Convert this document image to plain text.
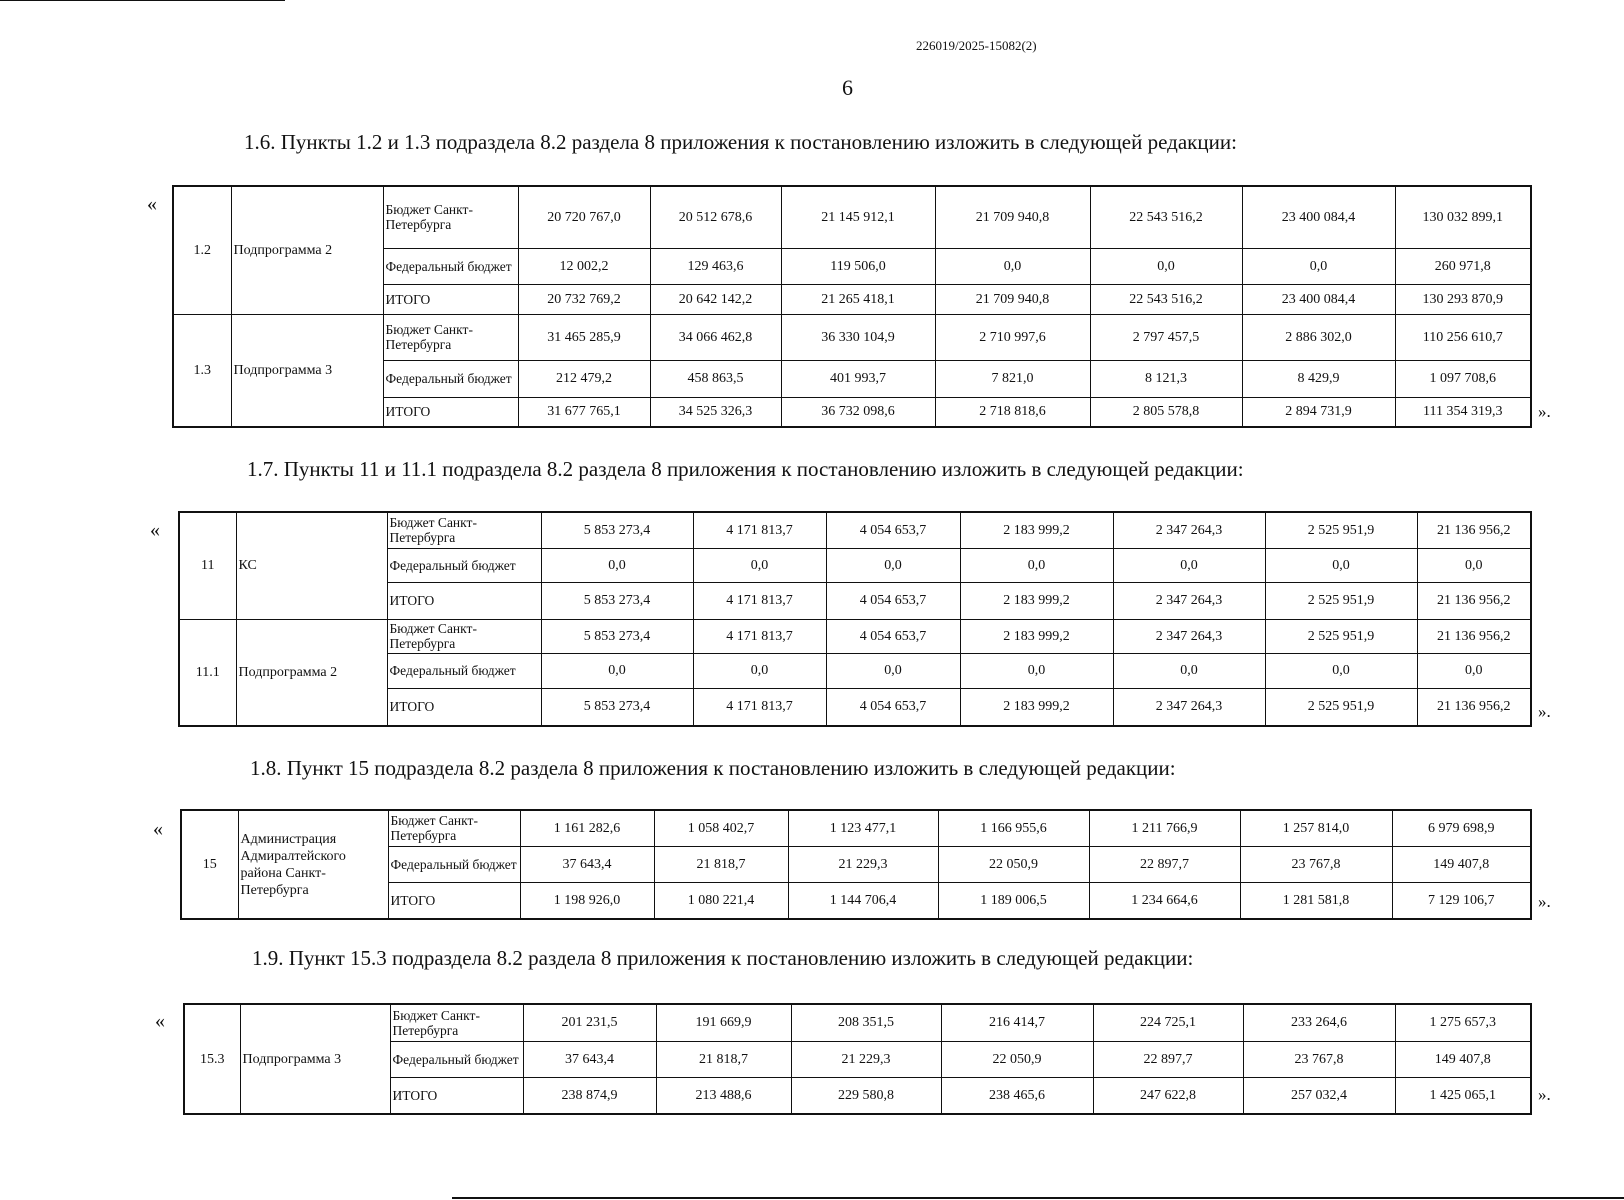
226019/2025-15082(2)
6
1.6. Пункты 1.2 и 1.3 подраздела 8.2 раздела 8 приложения к постановлению изложить в следующей редакции:
«
1.2	Подпрограмма 2	Бюджет Санкт-Петербурга	20 720 767,0	20 512 678,6	21 145 912,1	21 709 940,8	22 543 516,2	23 400 084,4	130 032 899,1
		Федеральный бюджет	12 002,2	129 463,6	119 506,0	0,0	0,0	0,0	260 971,8
		ИТОГО	20 732 769,2	20 642 142,2	21 265 418,1	21 709 940,8	22 543 516,2	23 400 084,4	130 293 870,9
1.3	Подпрограмма 3	Бюджет Санкт-Петербурга	31 465 285,9	34 066 462,8	36 330 104,9	2 710 997,6	2 797 457,5	2 886 302,0	110 256 610,7
		Федеральный бюджет	212 479,2	458 863,5	401 993,7	7 821,0	8 121,3	8 429,9	1 097 708,6
		ИТОГО	31 677 765,1	34 525 326,3	36 732 098,6	2 718 818,6	2 805 578,8	2 894 731,9	111 354 319,3 ».
1.7. Пункты 11 и 11.1 подраздела 8.2 раздела 8 приложения к постановлению изложить в следующей редакции:
«
11	КС	Бюджет Санкт-Петербурга	5 853 273,4	4 171 813,7	4 054 653,7	2 183 999,2	2 347 264,3	2 525 951,9	21 136 956,2
		Федеральный бюджет	0,0	0,0	0,0	0,0	0,0	0,0	0,0
		ИТОГО	5 853 273,4	4 171 813,7	4 054 653,7	2 183 999,2	2 347 264,3	2 525 951,9	21 136 956,2
11.1	Подпрограмма 2	Бюджет Санкт-Петербурга	5 853 273,4	4 171 813,7	4 054 653,7	2 183 999,2	2 347 264,3	2 525 951,9	21 136 956,2
		Федеральный бюджет	0,0	0,0	0,0	0,0	0,0	0,0	0,0
		ИТОГО	5 853 273,4	4 171 813,7	4 054 653,7	2 183 999,2	2 347 264,3	2 525 951,9	21 136 956,2 ».
1.8. Пункт 15 подраздела 8.2 раздела 8 приложения к постановлению изложить в следующей редакции:
«
15	Администрация Адмиралтейского района Санкт-Петербурга	Бюджет Санкт-Петербурга	1 161 282,6	1 058 402,7	1 123 477,1	1 166 955,6	1 211 766,9	1 257 814,0	6 979 698,9
		Федеральный бюджет	37 643,4	21 818,7	21 229,3	22 050,9	22 897,7	23 767,8	149 407,8
		ИТОГО	1 198 926,0	1 080 221,4	1 144 706,4	1 189 006,5	1 234 664,6	1 281 581,8	7 129 106,7	».
1.9. Пункт 15.3 подраздела 8.2 раздела 8 приложения к постановлению изложить в следующей редакции:
«
15.3	Подпрограмма 3	Бюджет Санкт-Петербурга	201 231,5	191 669,9	208 351,5	216 414,7	224 725,1	233 264,6	1 275 657,3
		Федеральный бюджет	37 643,4	21 818,7	21 229,3	22 050,9	22 897,7	23 767,8	149 407,8
		ИТОГО	238 874,9	213 488,6	229 580,8	238 465,6	247 622,8	257 032,4	1 425 065,1 ».
